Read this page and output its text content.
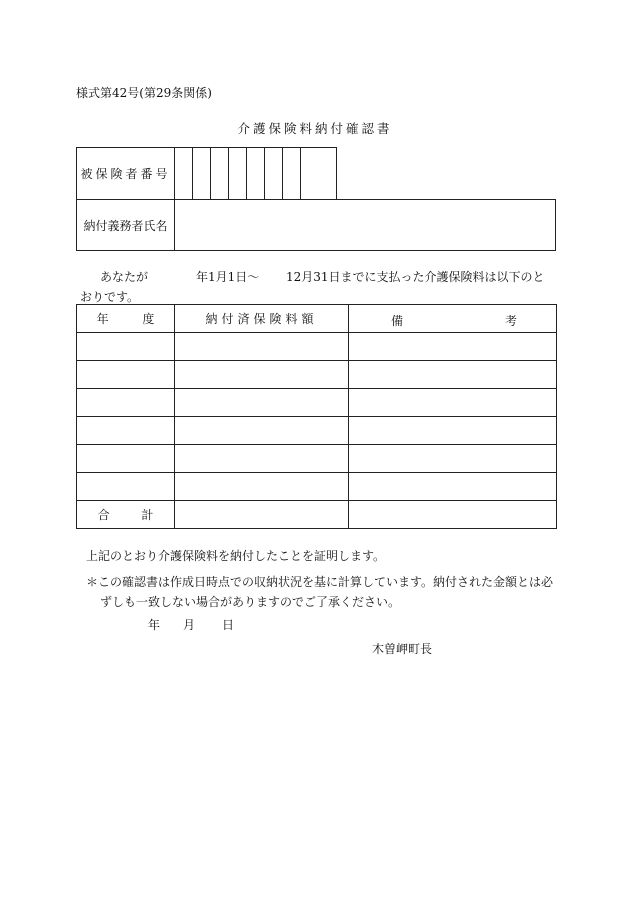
様式第42号(第29条関係)
介護保険料納付確認書
被保険者番号
納付義務者氏名
あなたが	年1月1日〜 12月31日までに支払った介護保険料は以下のと
おりです。
年 度	納付済保険料額	備 考

合 計		
上記のとおり介護保険料を納付したことを証明します。
＊この確認書は作成日時点での収納状況を基に計算しています。納付された金額とは必
ずしも一致しない場合がありますのでご了承ください。
年 月 日
木曽岬町長
